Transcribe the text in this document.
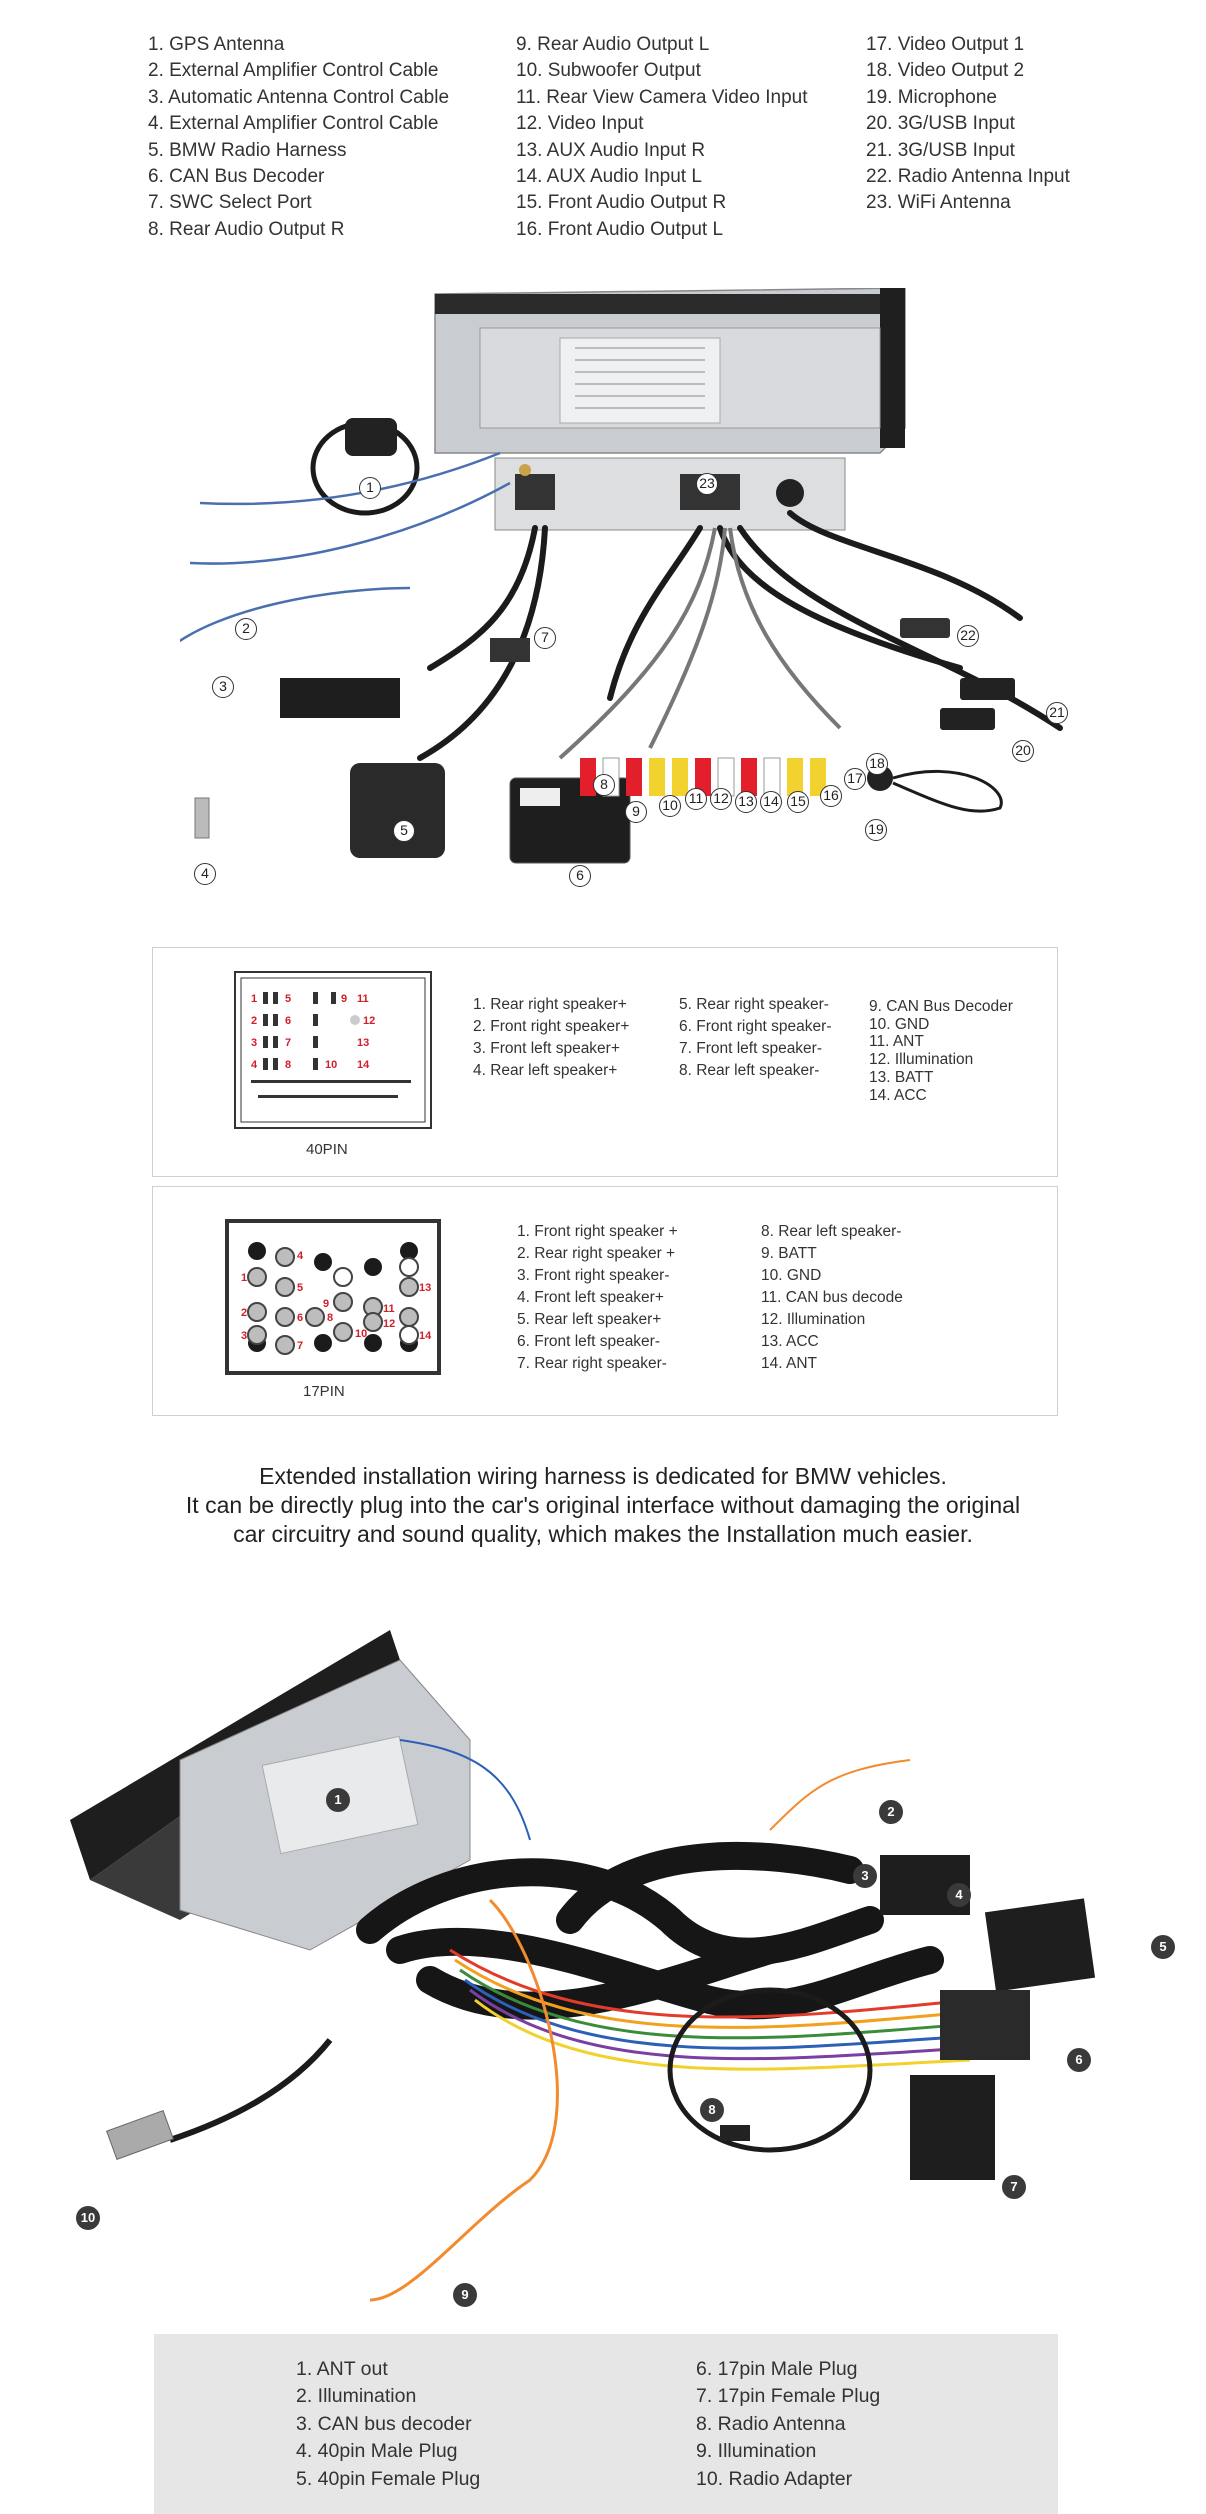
1. GPS Antenna
2. External Amplifier Control Cable
3. Automatic Antenna Control Cable
4. External Amplifier Control Cable
5. BMW Radio Harness
6. CAN Bus Decoder
7. SWC Select Port
8. Rear Audio Output R
9. Rear Audio Output L
10. Subwoofer Output
11. Rear View Camera Video Input
12. Video Input
13. AUX Audio Input R
14. AUX Audio Input L
15. Front Audio Output R
16. Front Audio Output L
17. Video Output 1
18. Video Output 2
19. Microphone
20. 3G/USB Input
21. 3G/USB Input
22. Radio Antenna Input
23. WiFi Antenna
1
2
3
4
5
6
7
8
9	10 11 12 13 14 15 16
17
18
19
20
21
22
23
1	5	9 11
2	6	12
3	7	13
4	8	10 14
40PIN
1. Rear right speaker+
2. Front right speaker+
3. Front left speaker+
4. Rear left speaker+
5. Rear right speaker-
6. Front right speaker-
7. Front left speaker-
8. Rear left speaker-
9. CAN Bus Decoder
10. GND
11. ANT
12. Illumination
13. BATT
14. ACC
4
1
5
11
13
2	6
3
7
8
9
10
12
14
17PIN
1. Front right speaker +
2. Rear right speaker +
3. Front right speaker-
4. Front left speaker+
5. Rear left speaker+
6. Front left speaker-
7. Rear right speaker-
8. Rear left speaker-
9. BATT
10. GND
11. CAN bus decode
12. Illumination
13. ACC
14. ANT
Extended installation wiring harness is dedicated for BMW vehicles.
It can be directly plug into the car's original interface without damaging the original
car circuitry and sound quality, which makes the Installation much easier.
1
2
3
4
5
6
7
8
9
10
1. ANT out
2. Illumination
3. CAN bus decoder
4. 40pin Male Plug
5. 40pin Female Plug
6. 17pin Male Plug
7. 17pin Female Plug
8. Radio Antenna
9. Illumination
10. Radio Adapter
